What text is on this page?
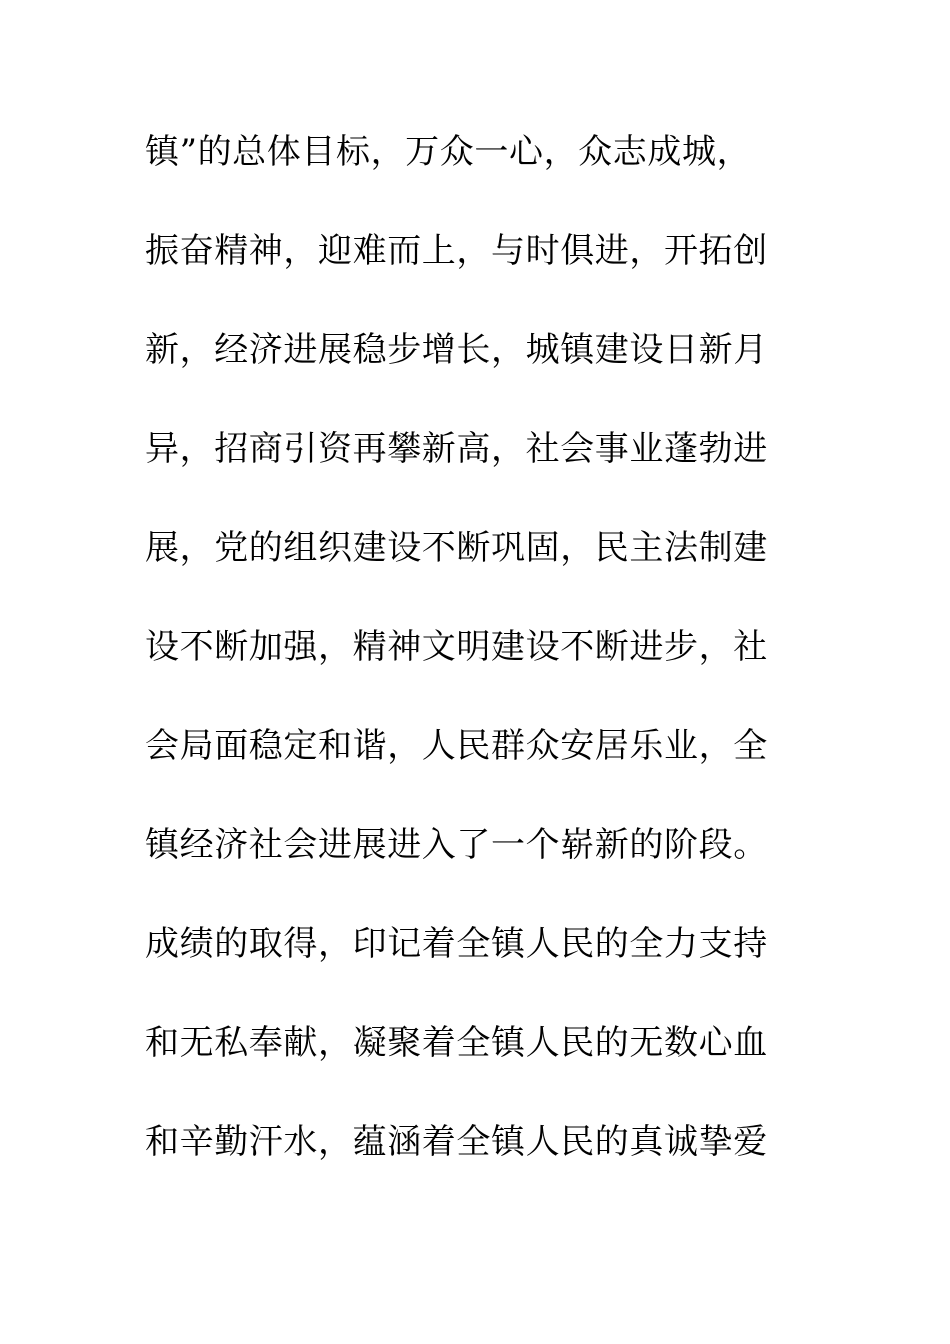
镇”的总体目标，万众一心，众志成城，
振奋精神，迎难而上，与时俱进，开拓创
新，经济进展稳步增长，城镇建设日新月
异，招商引资再攀新高，社会事业蓬勃进
展，党的组织建设不断巩固，民主法制建
设不断加强，精神文明建设不断进步，社
会局面稳定和谐，人民群众安居乐业，全
镇经济社会进展进入了一个崭新的阶段。
成绩的取得，印记着全镇人民的全力支持
和无私奉献，凝聚着全镇人民的无数心血
和辛勤汗水，蕴涵着全镇人民的真诚挚爱
